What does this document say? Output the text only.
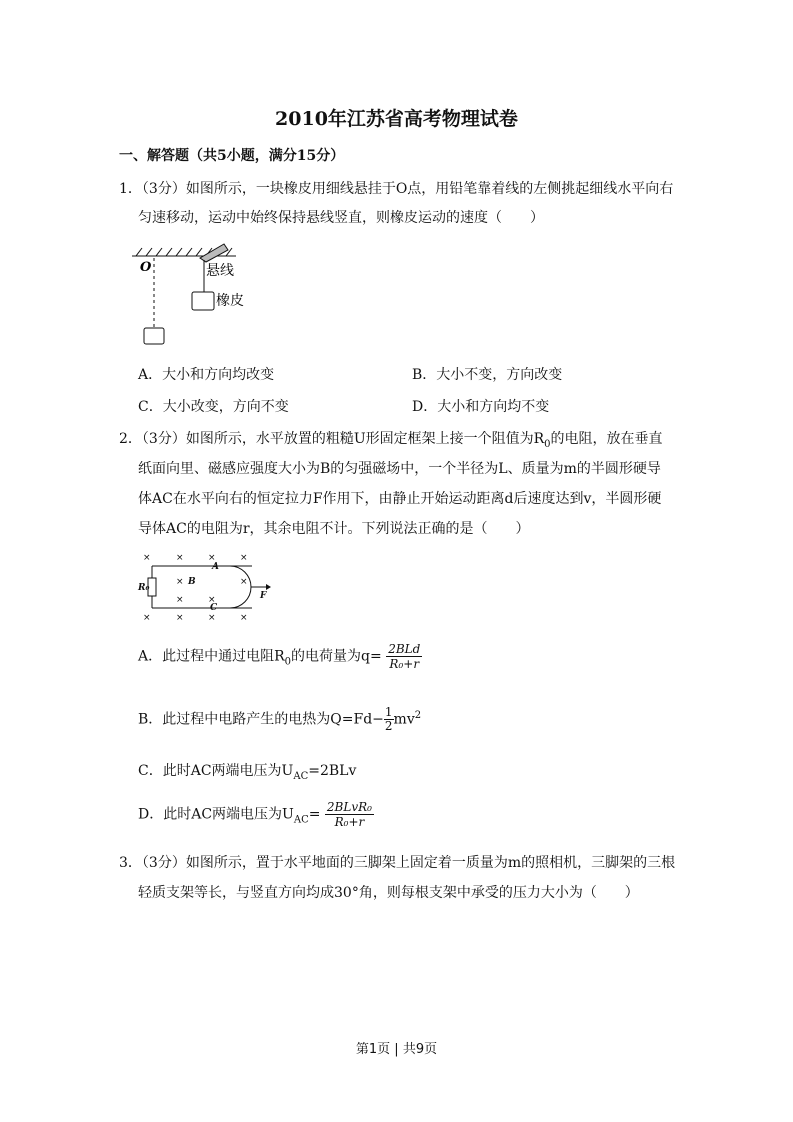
2010年江苏省高考物理试卷
一、解答题（共5小题，满分15分）
1．（3分）如图所示，一块橡皮用细线悬挂于O点，用铅笔靠着线的左侧挑起细线水平向右
匀速移动，运动中始终保持悬线竖直，则橡皮运动的速度（　　）
O	悬线
橡皮
A．大小和方向均改变	B．大小不变，方向改变
C．大小改变，方向不变	D．大小和方向均不变
2．（3分）如图所示，水平放置的粗糙U形固定框架上接一个阻值为$R_0$的电阻，放在垂直
纸面向里、磁感应强度大小为B的匀强磁场中，一个半径为L、质量为m的半圆形硬导
体AC在水平向右的恒定拉力F作用下，由静止开始运动距离d后速度达到v，半圆形硬
导体AC的电阻为r，其余电阻不计。下列说法正确的是（　　）
×	×	×	×
×	×
×	×
×	×	×	×
R₀
B
A
C
F
A．此过程中通过电阻$R_0$的电荷量为$q= \frac{\text{2BLd}}{\text{R₀+r}}$
B．此过程中电路产生的电热为$Q=Fd- \frac{1}{2}mv^2$
C．此时AC两端电压为$U_{AC}=2BLv$
D．此时AC两端电压为$U_{AC}= \frac{\text{2BLvR₀}}{\text{R₀+r}}$
3．（3分）如图所示，置于水平地面的三脚架上固定着一质量为m的照相机，三脚架的三根
轻质支架等长，与竖直方向均成30°角，则每根支架中承受的压力大小为（　　）
第1页 | 共9页
